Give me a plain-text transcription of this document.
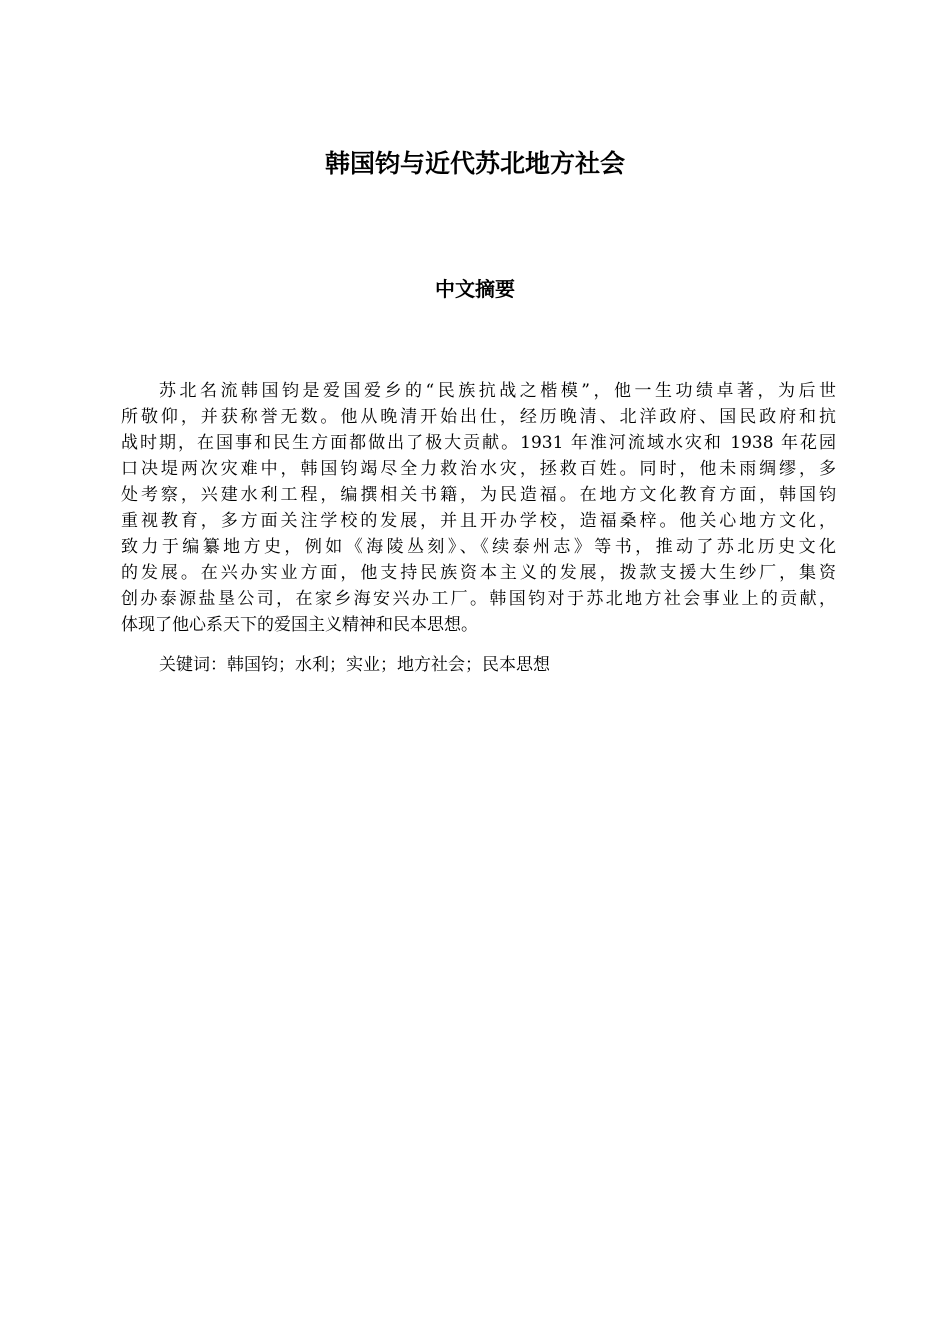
韩国钧与近代苏北地方社会
中文摘要
苏北名流韩国钧是爱国爱乡的“民族抗战之楷模”，他一生功绩卓著，为后世
所敬仰，并获称誉无数。他从晚清开始出仕，经历晚清、北洋政府、国民政府和抗
战时期，在国事和民生方面都做出了极大贡献。1931 年淮河流域水灾和 1938 年花园
口决堤两次灾难中，韩国钧竭尽全力救治水灾，拯救百姓。同时，他未雨绸缪，多
处考察，兴建水利工程，编撰相关书籍，为民造福。在地方文化教育方面，韩国钧
重视教育，多方面关注学校的发展，并且开办学校，造福桑梓。他关心地方文化，
致力于编纂地方史，例如《海陵丛刻》、《续泰州志》等书，推动了苏北历史文化
的发展。在兴办实业方面，他支持民族资本主义的发展，拨款支援大生纱厂，集资
创办泰源盐垦公司，在家乡海安兴办工厂。韩国钧对于苏北地方社会事业上的贡献，
体现了他心系天下的爱国主义精神和民本思想。
关键词：韩国钧；水利；实业；地方社会；民本思想
